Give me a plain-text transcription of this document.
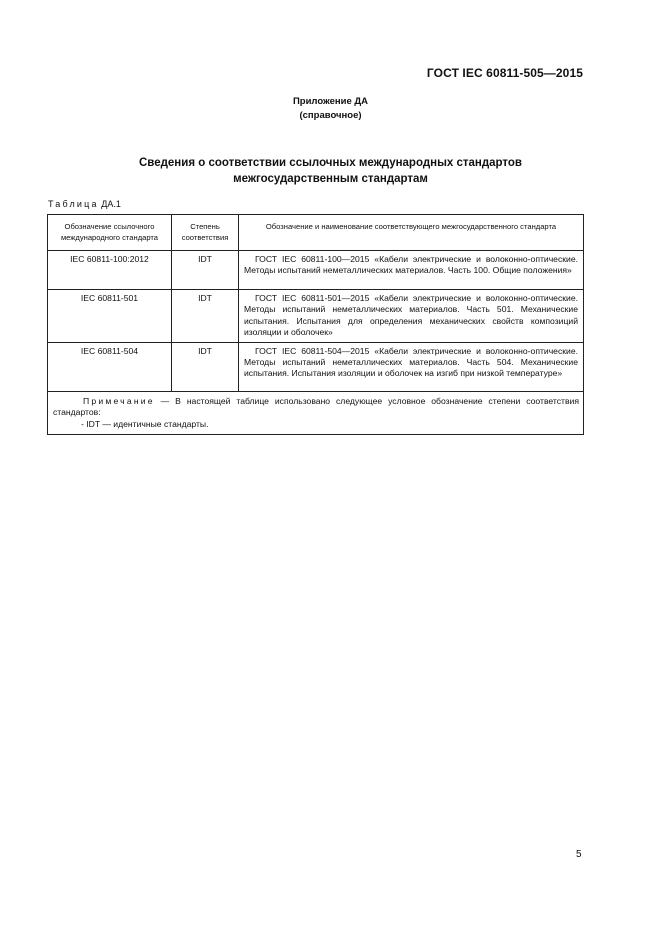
ГОСТ IEC 60811-505—2015
Приложение ДА
(справочное)
Сведения о соответствии ссылочных международных стандартов
межгосударственным стандартам
Таблица ДА.1
Обозначение ссылочного международного стандарта	Степень соответствия	Обозначение и наименование соответствующего межгосударственного стандарта
IEC 60811-100:2012	IDT	ГОСТ IEC 60811-100—2015 «Кабели электрические и волоконно-оптические. Методы испытаний неметаллических материалов. Часть 100. Общие положения»
IEC 60811-501	IDT	ГОСТ IEC 60811-501—2015 «Кабели электрические и волоконно-оптические. Методы испытаний неметаллических материалов. Часть 501. Механические испытания. Испытания для определения механических свойств композиций изоляции и оболочек»
IEC 60811-504	IDT	ГОСТ IEC 60811-504—2015 «Кабели электрические и волоконно-оптические. Методы испытаний неметаллических материалов. Часть 504. Механические испытания. Испытания изоляции и оболочек на изгиб при низкой температуре»

Примечание — В настоящей таблице использовано следующее условное обозначение степени соответствия стандартов:
- IDT — идентичные стандарты.		
5
